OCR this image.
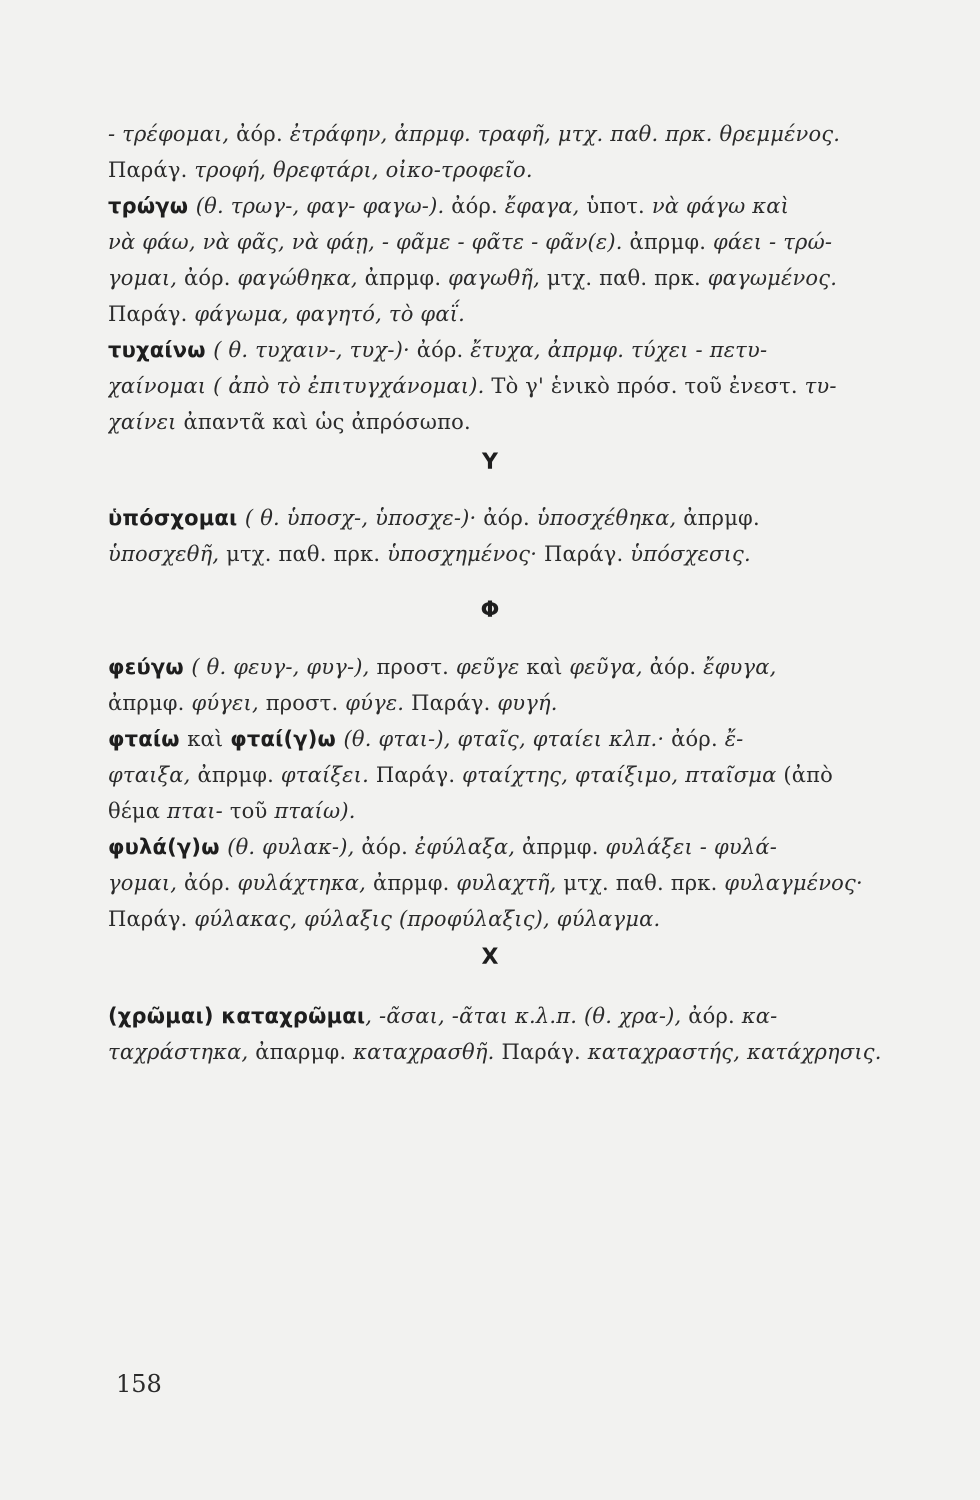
- τρέφομαι, ἀόρ. ἐτράφην, ἀπρμφ. τραφῆ, μτχ. παθ. πρκ. θρεμμένος.
Παράγ. τροφή, θρεφτάρι, οἰκο-τροφεῖο.
τρώγω (θ. τρωγ-, φαγ- φαγω-). ἀόρ. ἔφαγα, ὑποτ. νὰ φάγω καὶ
νὰ φάω, νὰ φᾶς, νὰ φάῃ, - φᾶμε - φᾶτε - φᾶν(ε). ἀπρμφ. φάει - τρώ-
γομαι, ἀόρ. φαγώθηκα, ἀπρμφ. φαγωθῆ, μτχ. παθ. πρκ. φαγωμένος.
Παράγ. φάγωμα, φαγητό, τὸ φαΐ.
τυχαίνω ( θ. τυχαιν-, τυχ-)· ἀόρ. ἔτυχα, ἀπρμφ. τύχει - πετυ-
χαίνομαι ( ἀπὸ τὸ ἐπιτυγχάνομαι). Τὸ γ' ἑνικὸ πρόσ. τοῦ ἐνεστ. τυ-
χαίνει ἀπαντᾶ καὶ ὡς ἀπρόσωπο.
Υ
ὑπόσχομαι ( θ. ὑποσχ-, ὑποσχε-)· ἀόρ. ὑποσχέθηκα, ἀπρμφ.
ὑποσχεθῆ, μτχ. παθ. πρκ. ὑποσχημένος· Παράγ. ὑπόσχεσις.
Φ
φεύγω ( θ. φευγ-, φυγ-), προστ. φεῦγε καὶ φεῦγα, ἀόρ. ἔφυγα,
ἀπρμφ. φύγει, προστ. φύγε. Παράγ. φυγή.
φταίω καὶ φταί(γ)ω (θ. φται-), φταῖς, φταίει κλπ.· ἀόρ. ἔ-
φταιξα, ἀπρμφ. φταίξει. Παράγ. φταίχτης, φταίξιμο, πταῖσμα (ἀπὸ
θέμα πται- τοῦ πταίω).
φυλά(γ)ω (θ. φυλακ-), ἀόρ. ἐφύλαξα, ἀπρμφ. φυλάξει - φυλά-
γομαι, ἀόρ. φυλάχτηκα, ἀπρμφ. φυλαχτῆ, μτχ. παθ. πρκ. φυλαγμένος·
Παράγ. φύλακας, φύλαξις (προφύλαξις), φύλαγμα.
Χ
(χρῶμαι) καταχρῶμαι, -ᾶσαι, -ᾶται κ.λ.π. (θ. χρα-), ἀόρ. κα-
ταχράστηκα, ἀπαρμφ. καταχρασθῆ. Παράγ. καταχραστής, κατάχρησις.
158
